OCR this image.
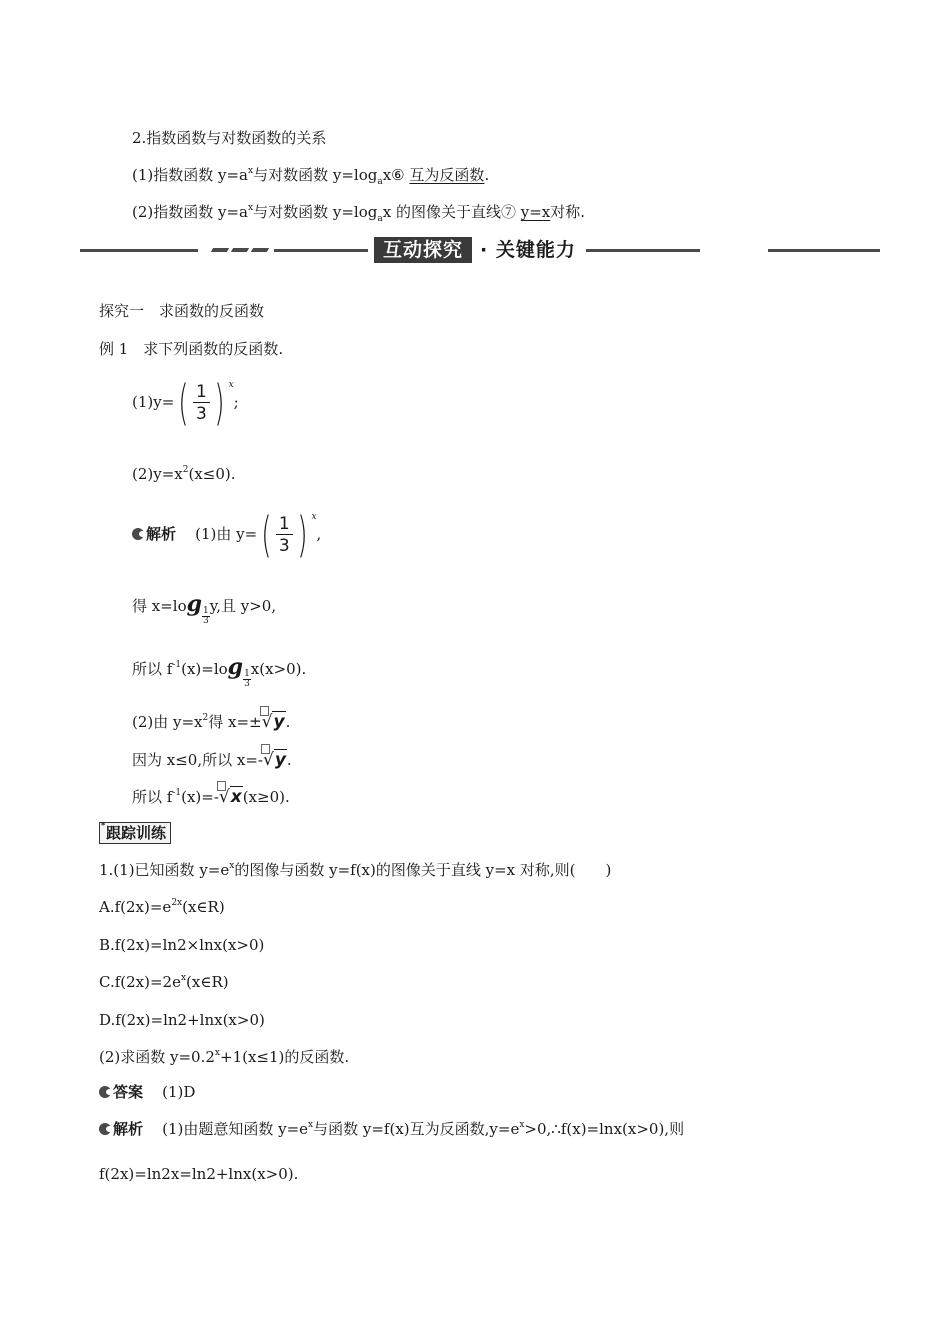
2.指数函数与对数函数的关系
(1)指数函数 $y=a^x$与对数函数 $y=\log_ax⑥$ 互为反函数.
(2)指数函数 $y=a^x$与对数函数 $y=\log_ax$ 的图像关于直线⑦ y=x对称.
互动探究 · 关键能力
探究一　求函数的反函数
例 1　求下列函数的反函数.
$(1)y=( \frac{1}{3}$ ) $^x$;
$(2)y=x^2(x\le 0)$.
解析 (1)由 $y=( \frac{1}{3}$ ) $^x$,
得 $x=\log \frac{1}{3}y$,且 y>0,
所以 $f^{-1}(x)=\log \frac{1}{3}x(x>0)$.
(2)由 $y=x^2$得 x=±
√y.
因为 x≤0,所以 x=-
√y.
所以 $f^{-1}(x)=-$
√x(x≥0).
* 跟踪训练
1.(1)已知函数 $y=e^x$的图像与函数 y=f(x)的图像关于直线 y=x 对称,则(　　)
$A.f(2x)=e^{2x}(x\in R)$
B.f(2x)=ln2×lnx(x>0)
$C.f(2x)=2e^x(x\in R)$
D.f(2x)=ln2+lnx(x>0)
(2)求函数 $y=0.2^x+1(x\le 1)$的反函数.
答案 (1)D
解析 (1)由题意知函数 $y=e^x$与函数 y=f(x)互为反函数$,y=e^x>0,\therefore f(x)=\ln x(x>0)$,则
f(2x)=ln2x=ln2+lnx(x>0).
